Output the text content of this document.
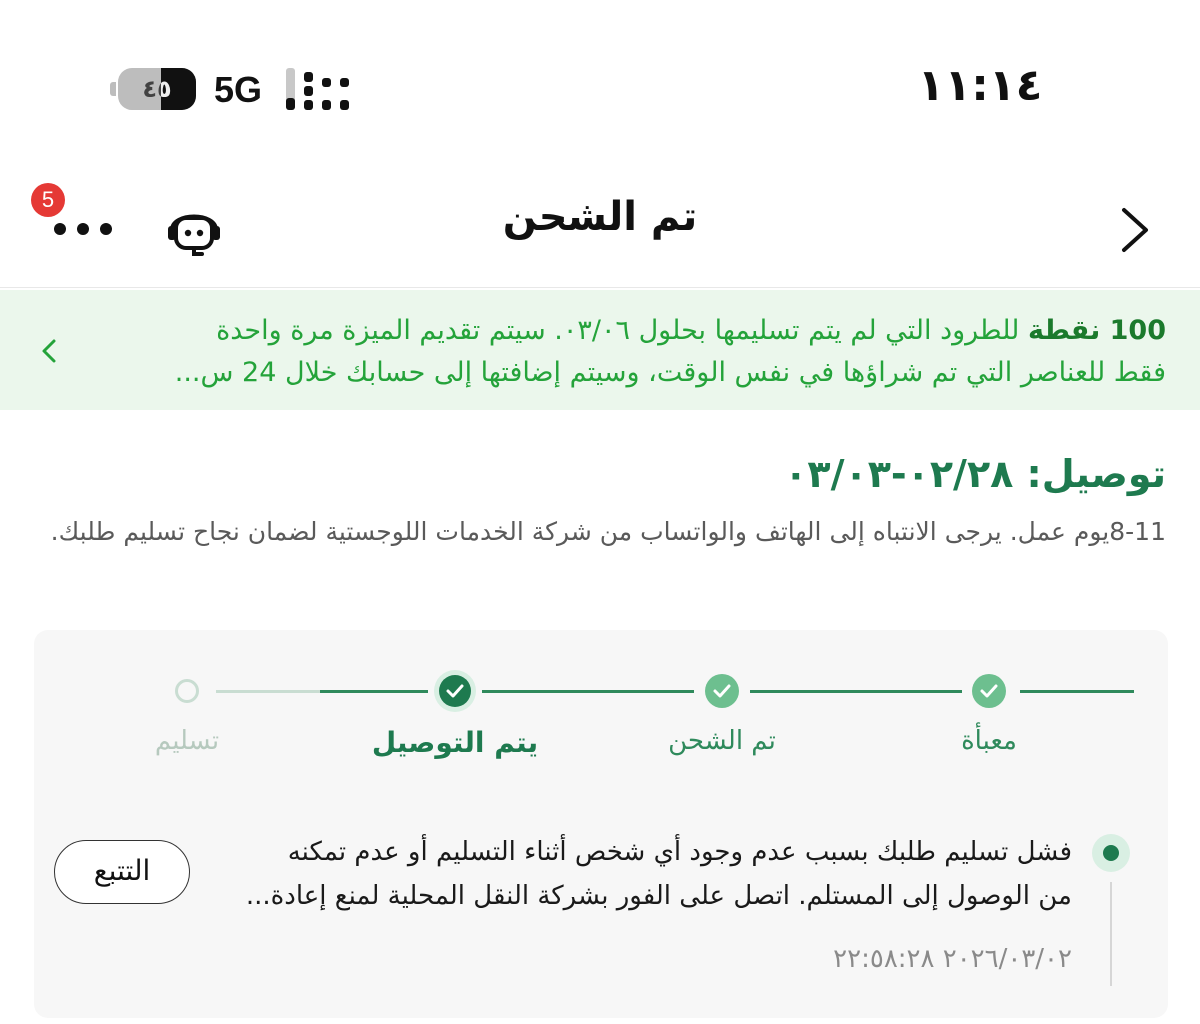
٤٥	5G	١١:١٤
5	تم الشحن
100 نقطة للطرود التي لم يتم تسليمها بحلول ٠٣/٠٦. سيتم تقديم الميزة مرة واحدة
فقط للعناصر التي تم شراؤها في نفس الوقت، وسيتم إضافتها إلى حسابك خلال 24 س...
توصيل: ٠٢/٢٨-٠٣/٠٣
8-11يوم عمل. يرجى الانتباه إلى الهاتف والواتساب من شركة الخدمات اللوجستية لضمان نجاح تسليم طلبك.
معبأة
تم الشحن
يتم التوصيل
تسليم
فشل تسليم طلبك بسبب عدم وجود أي شخص أثناء التسليم أو عدم تمكنه
من الوصول إلى المستلم. اتصل على الفور بشركة النقل المحلية لمنع إعادة...
٢٠٢٦/٠٣/٠٢ ٢٢:٥٨:٢٨
التتبع
